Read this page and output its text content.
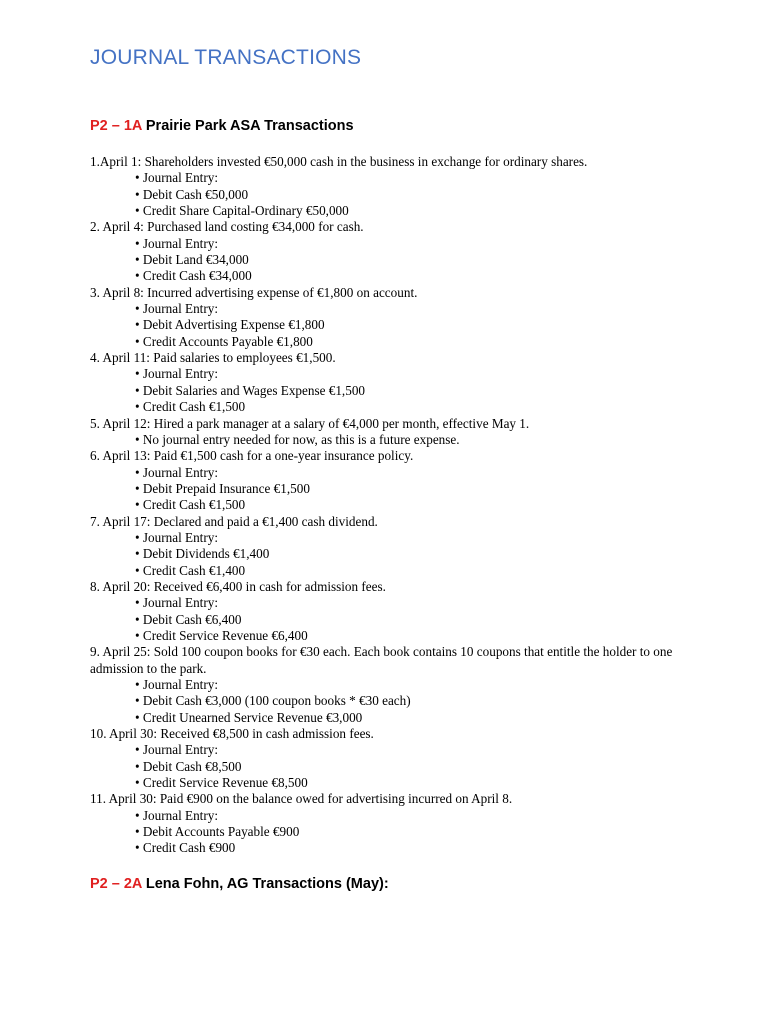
JOURNAL TRANSACTIONS
P2 – 1A Prairie Park ASA Transactions

1.April 1: Shareholders invested €50,000 cash in the business in exchange for ordinary shares.

• Journal Entry:

• Debit Cash €50,000

• Credit Share Capital-Ordinary €50,000

2. April 4: Purchased land costing €34,000 for cash.

• Journal Entry:

• Debit Land €34,000

• Credit Cash €34,000

3. April 8: Incurred advertising expense of €1,800 on account.

• Journal Entry:

• Debit Advertising Expense €1,800

• Credit Accounts Payable €1,800

4. April 11: Paid salaries to employees €1,500.

• Journal Entry:

• Debit Salaries and Wages Expense €1,500

• Credit Cash €1,500

5. April 12: Hired a park manager at a salary of €4,000 per month, effective May 1.

• No journal entry needed for now, as this is a future expense.

6. April 13: Paid €1,500 cash for a one-year insurance policy.

• Journal Entry:

• Debit Prepaid Insurance €1,500

• Credit Cash €1,500

7. April 17: Declared and paid a €1,400 cash dividend.

• Journal Entry:

• Debit Dividends €1,400

• Credit Cash €1,400

8. April 20: Received €6,400 in cash for admission fees.

• Journal Entry:

• Debit Cash €6,400

• Credit Service Revenue €6,400

9. April 25: Sold 100 coupon books for €30 each. Each book contains 10 coupons that entitle the holder to one admission to the park.

• Journal Entry:

• Debit Cash €3,000 (100 coupon books * €30 each)

• Credit Unearned Service Revenue €3,000

10. April 30: Received €8,500 in cash admission fees.

• Journal Entry:

• Debit Cash €8,500

• Credit Service Revenue €8,500

11. April 30: Paid €900 on the balance owed for advertising incurred on April 8.

• Journal Entry:

• Debit Accounts Payable €900

• Credit Cash €900

P2 – 2A Lena Fohn, AG Transactions (May):
